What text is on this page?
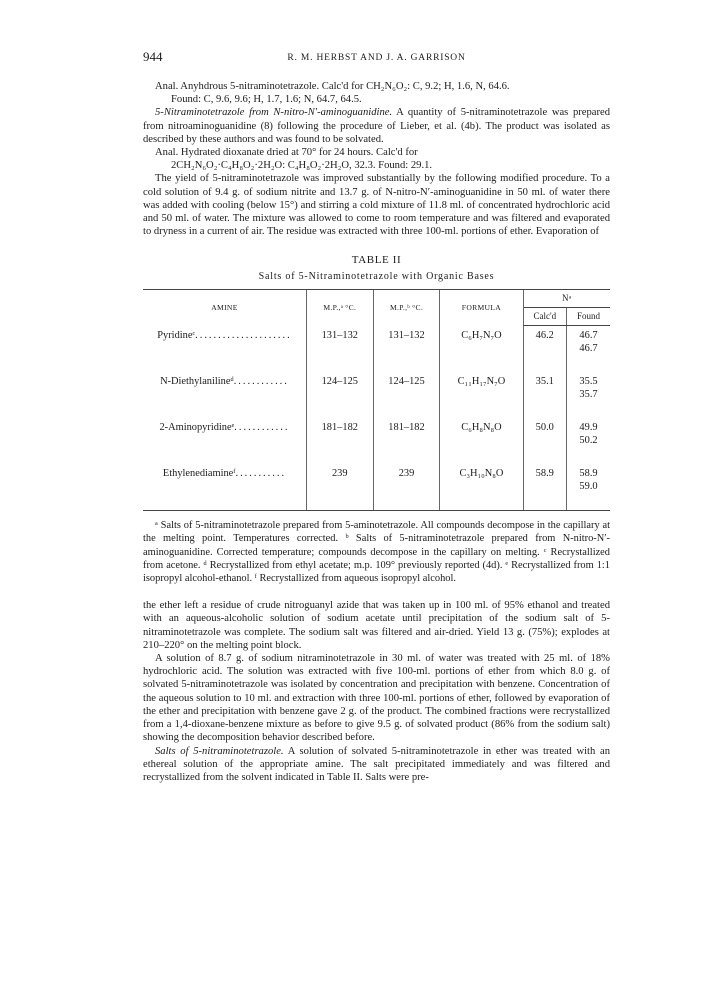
944	R. M. HERBST AND J. A. GARRISON

Anal. Anyhdrous 5-nitraminotetrazole. Calc'd for CH₂N₆O₂: C, 9.2; H, 1.6, N, 64.6.

Found: C, 9.6, 9.6; H, 1.7, 1.6; N, 64.7, 64.5.

5-Nitraminotetrazole from N-nitro-N′-aminoguanidine. A quantity of 5-nitraminotetrazole was prepared from nitroaminoguanidine (8) following the procedure of Lieber, et al. (4b). The product was isolated as described by these authors and was found to be solvated.

Anal. Hydrated dioxanate dried at 70° for 24 hours. Calc'd for

2CH₂N₆O₂·C₄H₈O₂·2H₂O: C₄H₈O₂·2H₂O, 32.3. Found: 29.1.

The yield of 5-nitraminotetrazole was improved substantially by the following modified procedure. To a cold solution of 9.4 g. of sodium nitrite and 13.7 g. of N-nitro-N′-aminoguanidine in 50 ml. of water there was added with cooling (below 15°) and stirring a cold mixture of 11.8 ml. of concentrated hydrochloric acid and 50 ml. of water. The mixture was allowed to come to room temperature and was filtered and evaporated to dryness in a current of air. The residue was extracted with three 100-ml. portions of ether. Evaporation of

TABLE II
Salts of 5-Nitraminotetrazole with Organic Bases
AMINE	M.P.,ᵃ °C.	M.P.,ᵇ °C.	FORMULA	Nᵃ	
				Calc'd	Found
Pyridineᶜ.....................	131–132	131–132	C₆H₇N₇O	46.2	46.7
46.7

N-Diethylanilineᵈ............	124–125	124–125	C₁₁H₁₇N₇O	35.1	35.5
35.7

2-Aminopyridineᵉ............	181–182	181–182	C₆H₈N₈O	50.0	49.9
50.2

Ethylenediamineᶠ...........	239	239	C₃H₁₀N₈O	58.9	58.9
59.0

ᵃ Salts of 5-nitraminotetrazole prepared from 5-aminotetrazole. All compounds decompose in the capillary at the melting point. Temperatures corrected. ᵇ Salts of 5-nitraminotetrazole prepared from N-nitro-N′-aminoguanidine. Corrected temperature; compounds decompose in the capillary on melting. ᶜ Recrystallized from acetone. ᵈ Recrystallized from ethyl acetate; m.p. 109° previously reported (4d). ᵉ Recrystallized from 1:1 isopropyl alcohol-ethanol. ᶠ Recrystallized from aqueous isopropyl alcohol.

the ether left a residue of crude nitroguanyl azide that was taken up in 100 ml. of 95% ethanol and treated with an aqueous-alcoholic solution of sodium acetate until precipitation of the sodium salt of 5-nitraminotetrazole was complete. The sodium salt was filtered and air-dried. Yield 13 g. (75%); explodes at 210–220° on the melting point block.

A solution of 8.7 g. of sodium nitraminotetrazole in 30 ml. of water was treated with 25 ml. of 18% hydrochloric acid. The solution was extracted with five 100-ml. portions of ether from which 8.0 g. of solvated 5-nitraminotetrazole was isolated by concentration and precipitation with benzene. Concentration of the aqueous solution to 10 ml. and extraction with three 100-ml. portions of ether, followed by evaporation of the ether and precipitation with benzene gave 2 g. of the product. The combined fractions were recrystallized from a 1,4-dioxane-benzene mixture as before to give 9.5 g. of solvated product (86% from the sodium salt) showing the decomposition behavior described before.

Salts of 5-nitraminotetrazole. A solution of solvated 5-nitraminotetrazole in ether was treated with an ethereal solution of the appropriate amine. The salt precipitated immediately and was filtered and recrystallized from the solvent indicated in Table II. Salts were pre-
